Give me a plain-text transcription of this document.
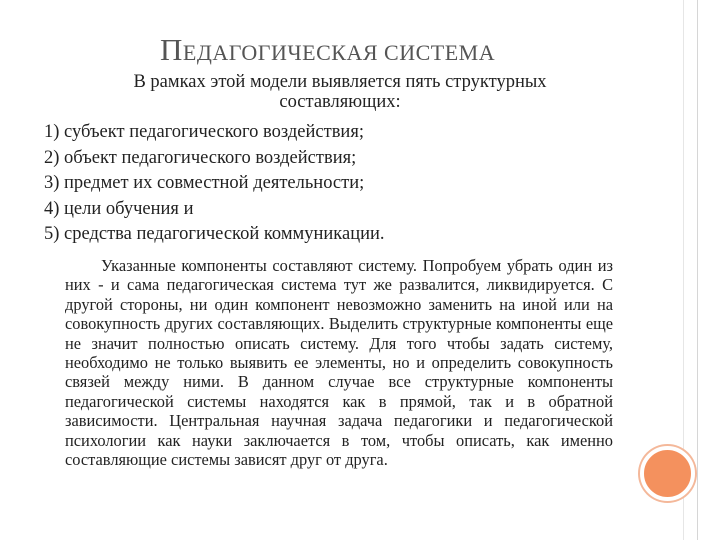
ПЕДАГОГИЧЕСКАЯ СИСТЕМА
В рамках этой модели выявляется пять структурных составляющих:
1) субъект педагогического воздействия;
2) объект педагогического воздействия;
3) предмет их совместной деятельности;
4) цели обучения и
5) средства педагогической коммуникации.
Указанные компоненты составляют систему. Попробуем убрать один из них - и сама педагогическая система тут же развалится, ликвидируется. С другой стороны, ни один компонент невозможно заменить на иной или на совокупность других составляющих. Выделить структурные компоненты еще не значит полностью описать систему. Для того чтобы задать систему, необходимо не только выявить ее элементы, но и определить совокупность связей между ними. В данном случае все структурные компоненты педагогической системы находятся как в прямой, так и в обратной зависимости. Центральная научная задача педагогики и педагогической психологии как науки заключается в том, чтобы описать, как именно составляющие системы зависят друг от друга.
